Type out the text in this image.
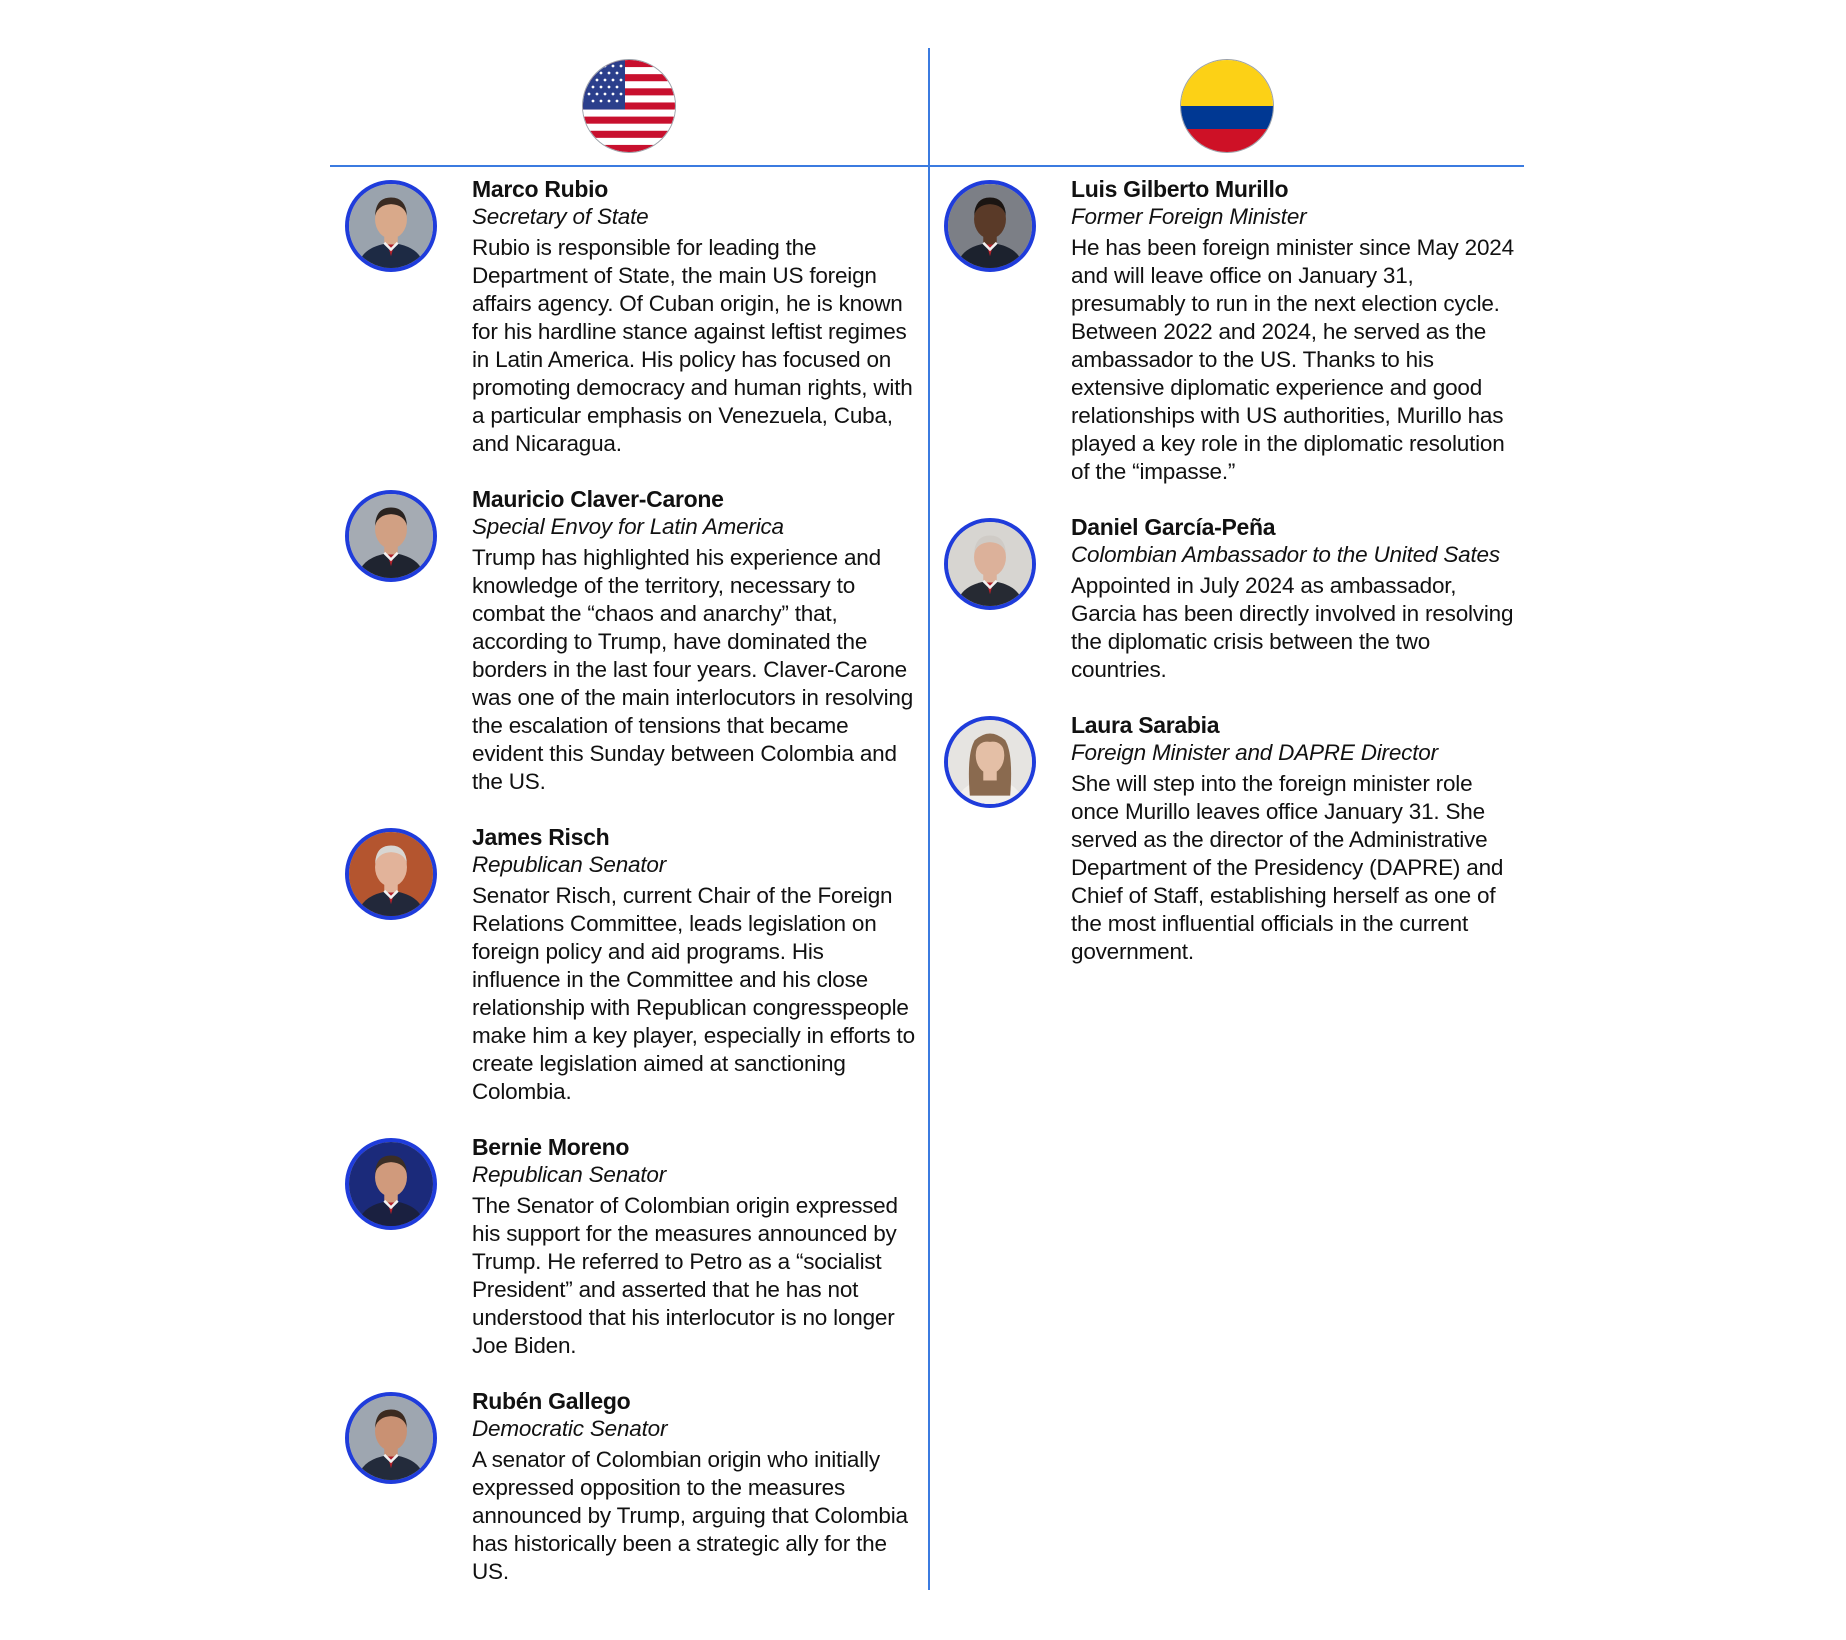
Marco Rubio
Secretary of State
Rubio is responsible for leading the Department of State, the main US foreign affairs agency. Of Cuban origin, he is known for his hardline stance against leftist regimes in Latin America. His policy has focused on promoting democracy and human rights, with a particular emphasis on Venezuela, Cuba, and Nicaragua.
Mauricio Claver-Carone
Special Envoy for Latin America
Trump has highlighted his experience and knowledge of the territory, necessary to combat the “chaos and anarchy” that, according to Trump, have dominated the borders in the last four years. Claver-Carone was one of the main interlocutors in resolving the escalation of tensions that became evident this Sunday between Colombia and the US.
James Risch
Republican Senator
Senator Risch, current Chair of the Foreign Relations Committee, leads legislation on foreign policy and aid programs. His influence in the Committee and his close relationship with Republican congresspeople make him a key player, especially in efforts to create legislation aimed at sanctioning Colombia.
Bernie Moreno
Republican Senator
The Senator of Colombian origin expressed his support for the measures announced by Trump. He referred to Petro as a “socialist President” and asserted that he has not understood that his interlocutor is no longer Joe Biden.
Rubén Gallego
Democratic Senator
A senator of Colombian origin who initially expressed opposition to the measures announced by Trump, arguing that Colombia has historically been a strategic ally for the US.
Luis Gilberto Murillo
Former Foreign Minister
He has been foreign minister since May 2024 and will leave office on January 31, presumably to run in the next election cycle. Between 2022 and 2024, he served as the ambassador to the US. Thanks to his extensive diplomatic experience and good relationships with US authorities, Murillo has played a key role in the diplomatic resolution of the “impasse.”
Daniel García-Peña
Colombian Ambassador to the United Sates
Appointed in July 2024 as ambassador, Garcia has been directly involved in resolving the diplomatic crisis between the two countries.
Laura Sarabia
Foreign Minister and DAPRE Director
She will step into the foreign minister role once Murillo leaves office January 31. She served as the director of the Administrative Department of the Presidency (DAPRE) and Chief of Staff, establishing herself as one of the most influential officials in the current government.
